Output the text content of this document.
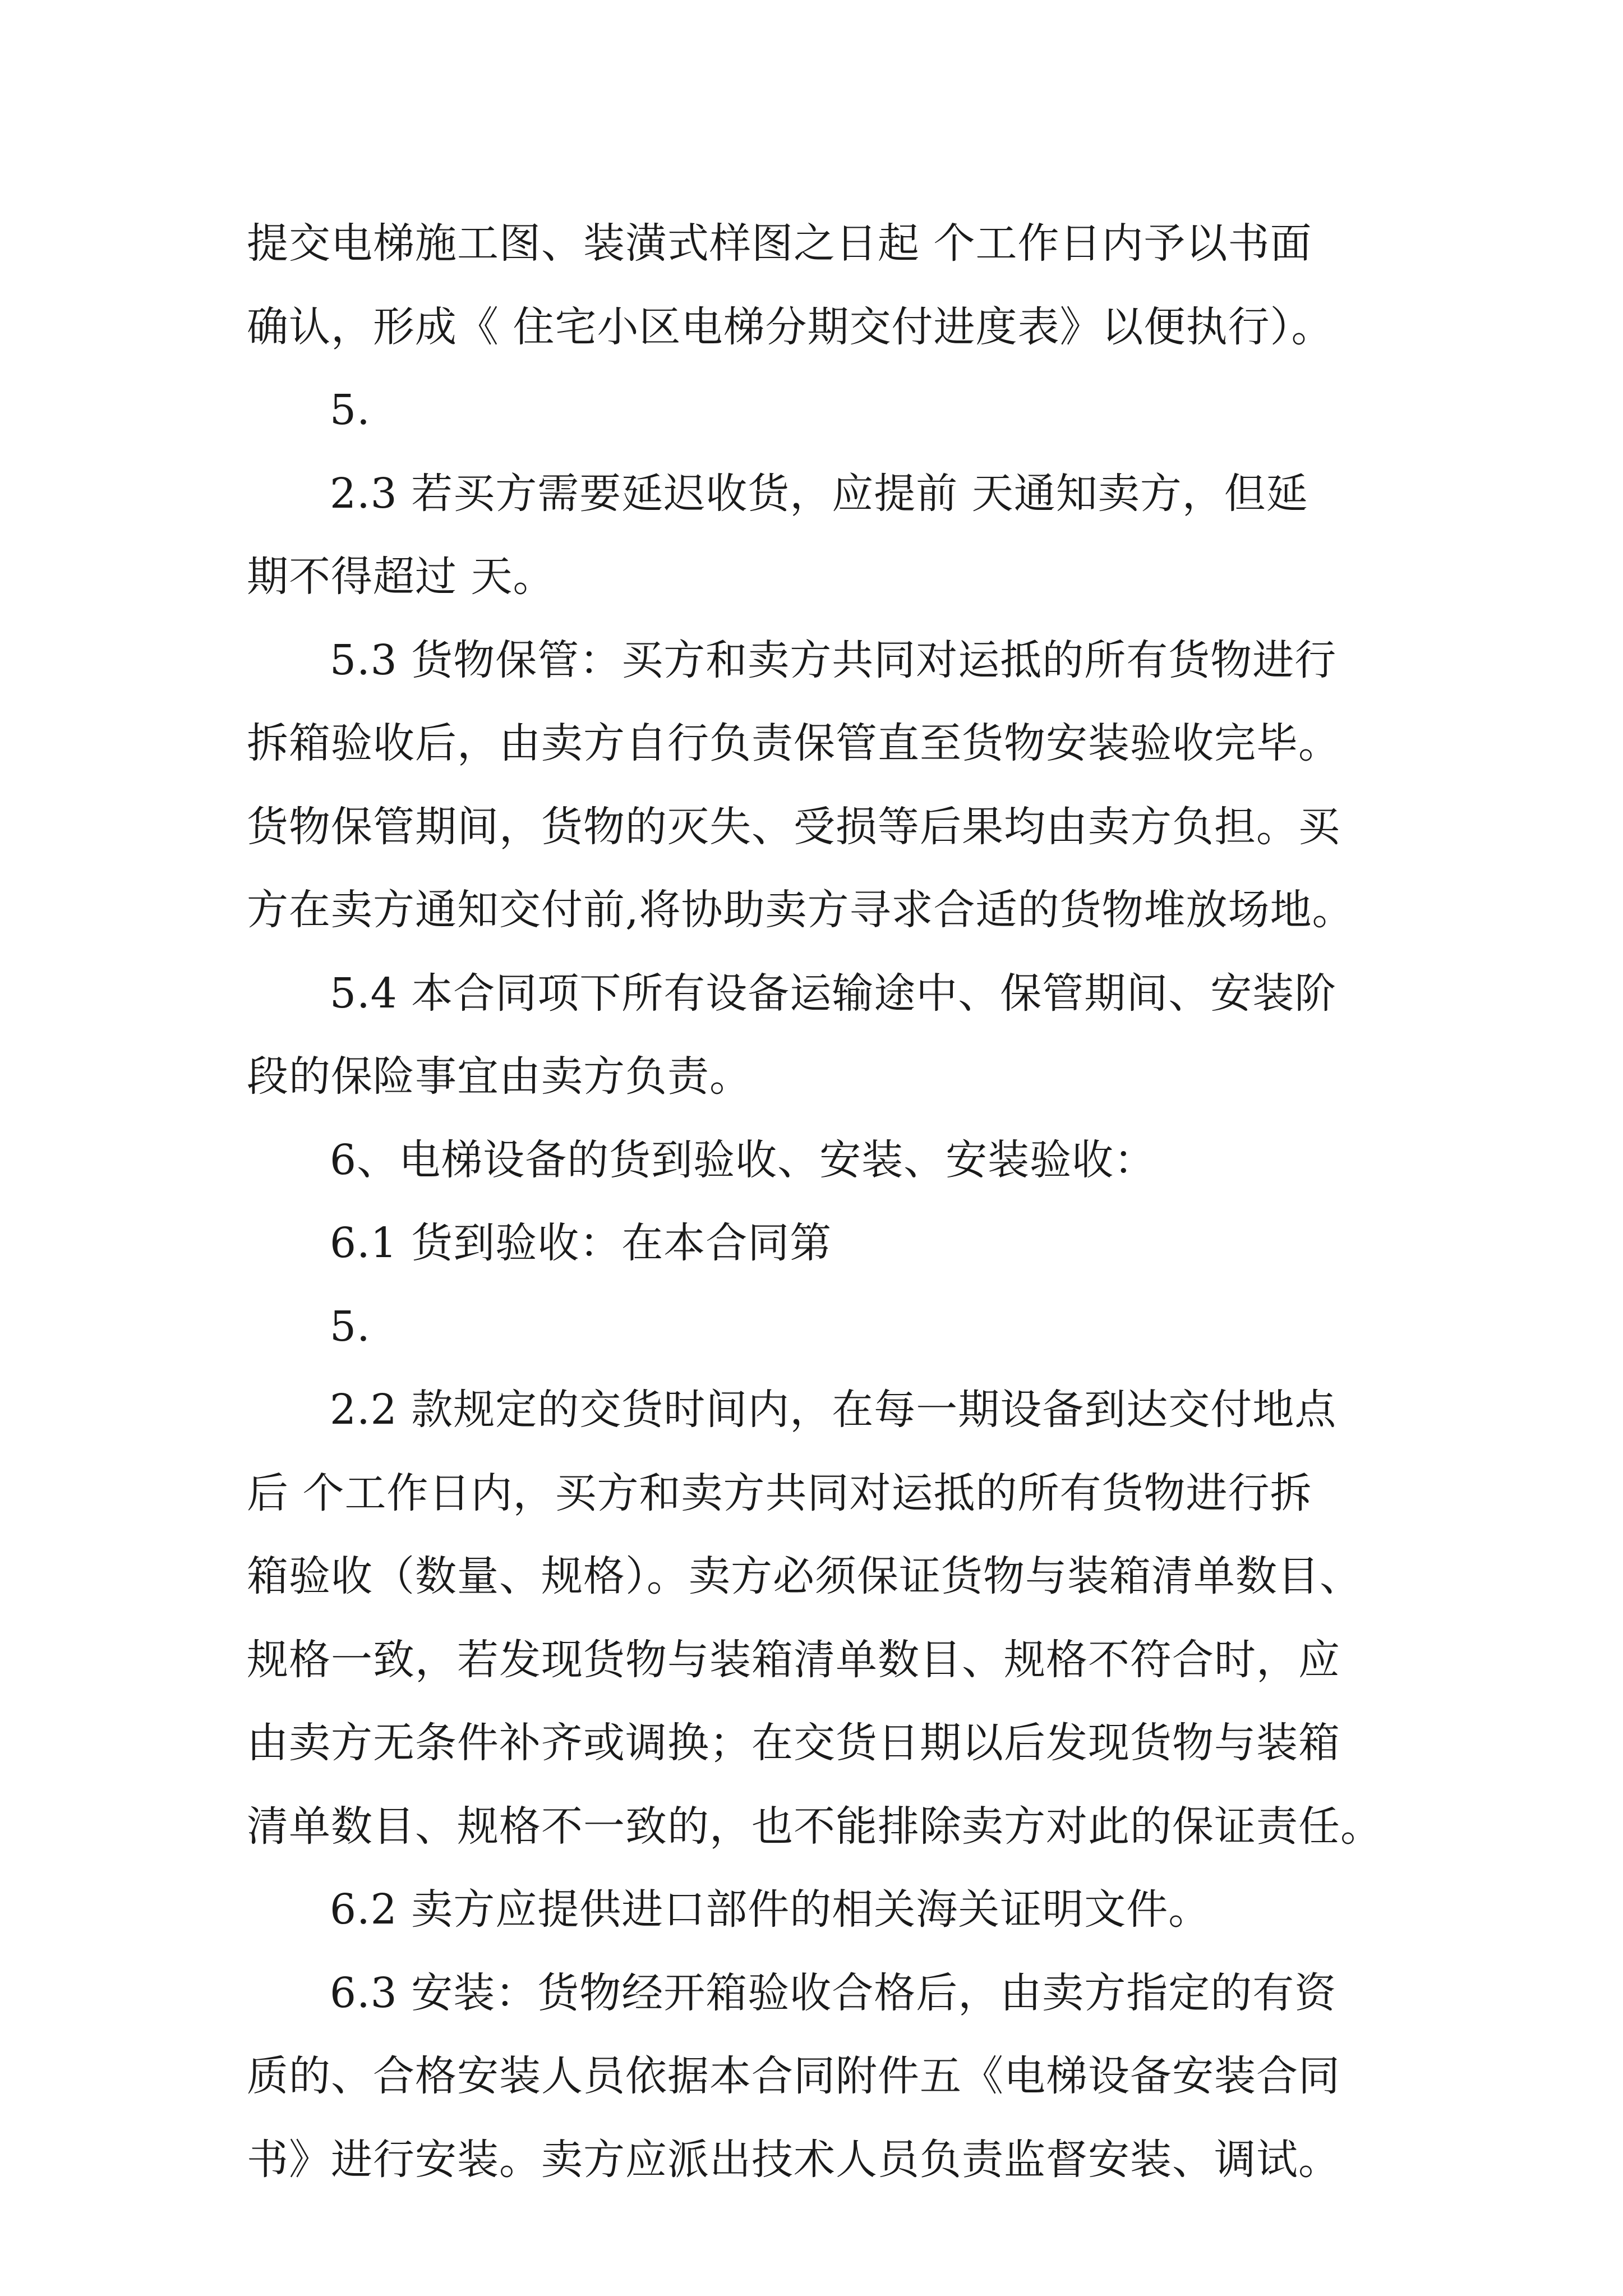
提交电梯施工图、装潢式样图之日起 个工作日内予以书面
确认，形成《 住宅小区电梯分期交付进度表》以便执行）。
5.
2.3 若买方需要延迟收货，应提前 天通知卖方，但延
期不得超过 天。
5.3 货物保管：买方和卖方共同对运抵的所有货物进行
拆箱验收后，由卖方自行负责保管直至货物安装验收完毕。
货物保管期间，货物的灭失、受损等后果均由卖方负担。买
方在卖方通知交付前,将协助卖方寻求合适的货物堆放场地。
5.4 本合同项下所有设备运输途中、保管期间、安装阶
段的保险事宜由卖方负责。
6、电梯设备的货到验收、安装、安装验收：
6.1 货到验收：在本合同第
5.
2.2 款规定的交货时间内，在每一期设备到达交付地点
后 个工作日内，买方和卖方共同对运抵的所有货物进行拆
箱验收（数量、规格）。卖方必须保证货物与装箱清单数目、
规格一致，若发现货物与装箱清单数目、规格不符合时，应
由卖方无条件补齐或调换；在交货日期以后发现货物与装箱
清单数目、规格不一致的，也不能排除卖方对此的保证责任。
6.2 卖方应提供进口部件的相关海关证明文件。
6.3 安装：货物经开箱验收合格后，由卖方指定的有资
质的、合格安装人员依据本合同附件五《电梯设备安装合同
书》进行安装。卖方应派出技术人员负责监督安装、调试。
